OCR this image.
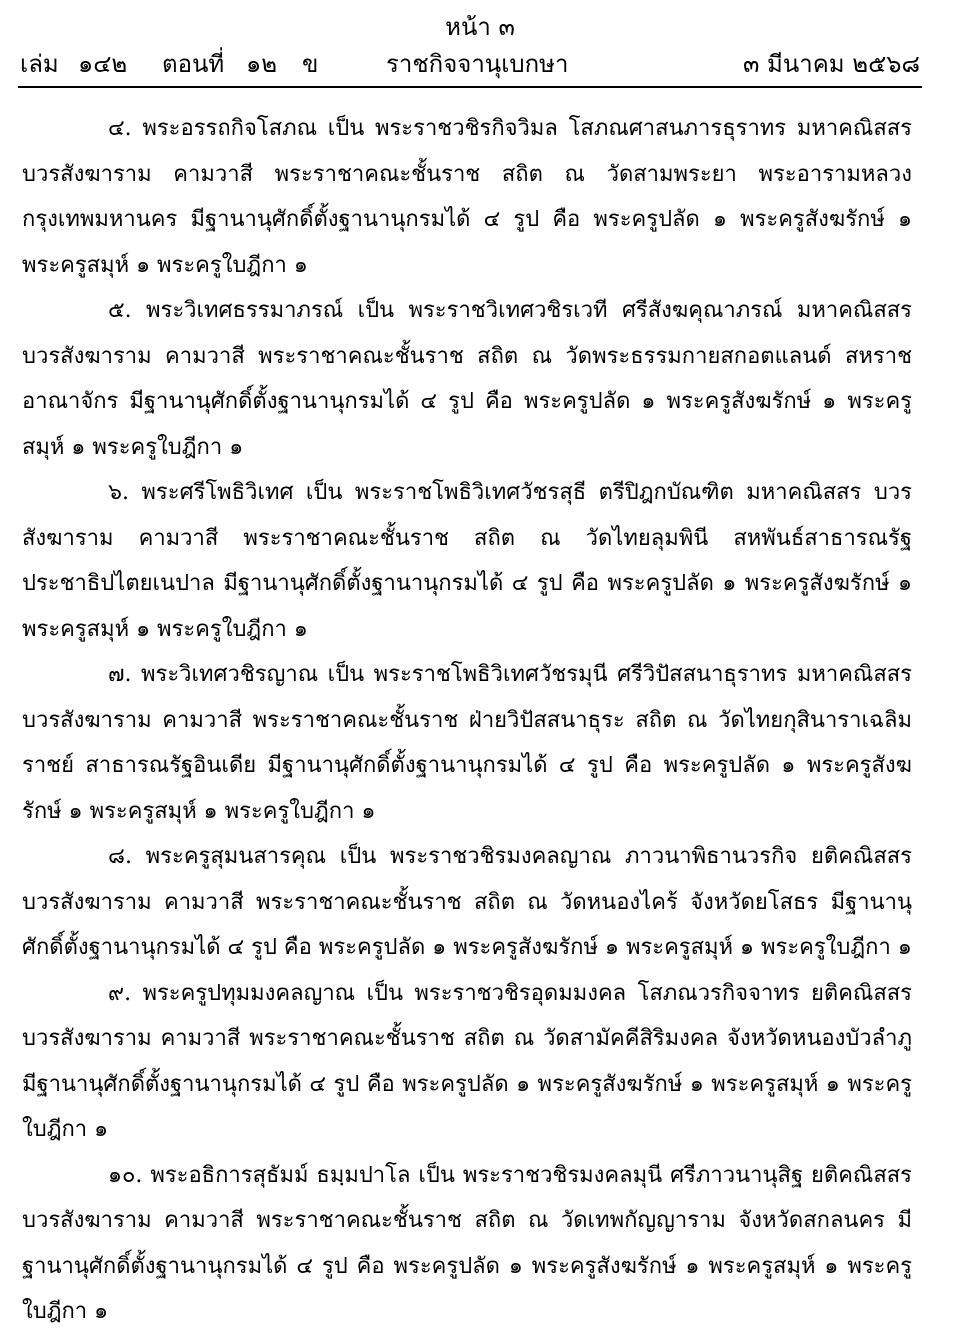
หน้า ๓
เล่ม ๑๔๒ ตอนที่ ๑๒ ข	ราชกิจจานุเบกษา	๓ มีนาคม ๒๕๖๘

๔. พระอรรถกิจโสภณ เป็น พระราชวชิรกิจวิมล โสภณศาสนภารธุราทร มหาคณิสสร บวรสังฆาราม คามวาสี พระราชาคณะชั้นราช สถิต ณ วัดสามพระยา พระอารามหลวง กรุงเทพมหานคร มีฐานานุศักดิ์ตั้งฐานานุกรมได้ ๔ รูป คือ พระครูปลัด ๑ พระครูสังฆรักษ์ ๑ พระครูสมุห์ ๑ พระครูใบฎีกา ๑

๕. พระวิเทศธรรมาภรณ์ เป็น พระราชวิเทศวชิรเวที ศรีสังฆคุณาภรณ์ มหาคณิสสร บวรสังฆาราม คามวาสี พระราชาคณะชั้นราช สถิต ณ วัดพระธรรมกายสกอตแลนด์ สหราชอาณาจักร มีฐานานุศักดิ์ตั้งฐานานุกรมได้ ๔ รูป คือ พระครูปลัด ๑ พระครูสังฆรักษ์ ๑ พระครูสมุห์ ๑ พระครูใบฎีกา ๑

๖. พระศรีโพธิวิเทศ เป็น พระราชโพธิวิเทศวัชรสุธี ตรีปิฎกบัณฑิต มหาคณิสสร บวรสังฆาราม คามวาสี พระราชาคณะชั้นราช สถิต ณ วัดไทยลุมพินี สหพันธ์สาธารณรัฐประชาธิปไตยเนปาล มีฐานานุศักดิ์ตั้งฐานานุกรมได้ ๔ รูป คือ พระครูปลัด ๑ พระครูสังฆรักษ์ ๑ พระครูสมุห์ ๑ พระครูใบฎีกา ๑

๗. พระวิเทศวชิรญาณ เป็น พระราชโพธิวิเทศวัชรมุนี ศรีวิปัสสนาธุราทร มหาคณิสสร บวรสังฆาราม คามวาสี พระราชาคณะชั้นราช ฝ่ายวิปัสสนาธุระ สถิต ณ วัดไทยกุสินาราเฉลิมราชย์ สาธารณรัฐอินเดีย มีฐานานุศักดิ์ตั้งฐานานุกรมได้ ๔ รูป คือ พระครูปลัด ๑ พระครูสังฆรักษ์ ๑ พระครูสมุห์ ๑ พระครูใบฎีกา ๑

๘. พระครูสุมนสารคุณ เป็น พระราชวชิรมงคลญาณ ภาวนาพิธานวรกิจ ยติคณิสสร บวรสังฆาราม คามวาสี พระราชาคณะชั้นราช สถิต ณ วัดหนองไคร้ จังหวัดยโสธร มีฐานานุศักดิ์ตั้งฐานานุกรมได้ ๔ รูป คือ พระครูปลัด ๑ พระครูสังฆรักษ์ ๑ พระครูสมุห์ ๑ พระครูใบฎีกา ๑

๙. พระครูปทุมมงคลญาณ เป็น พระราชวชิรอุดมมงคล โสภณวรกิจจาทร ยติคณิสสร บวรสังฆาราม คามวาสี พระราชาคณะชั้นราช สถิต ณ วัดสามัคคีสิริมงคล จังหวัดหนองบัวลำภู มีฐานานุศักดิ์ตั้งฐานานุกรมได้ ๔ รูป คือ พระครูปลัด ๑ พระครูสังฆรักษ์ ๑ พระครูสมุห์ ๑ พระครูใบฎีกา ๑

๑๐. พระอธิการสุธัมม์ ธมฺมปาโล เป็น พระราชวชิรมงคลมุนี ศรีภาวนานุสิฐ ยติคณิสสร บวรสังฆาราม คามวาสี พระราชาคณะชั้นราช สถิต ณ วัดเทพกัญญาราม จังหวัดสกลนคร มีฐานานุศักดิ์ตั้งฐานานุกรมได้ ๔ รูป คือ พระครูปลัด ๑ พระครูสังฆรักษ์ ๑ พระครูสมุห์ ๑ พระครูใบฎีกา ๑
